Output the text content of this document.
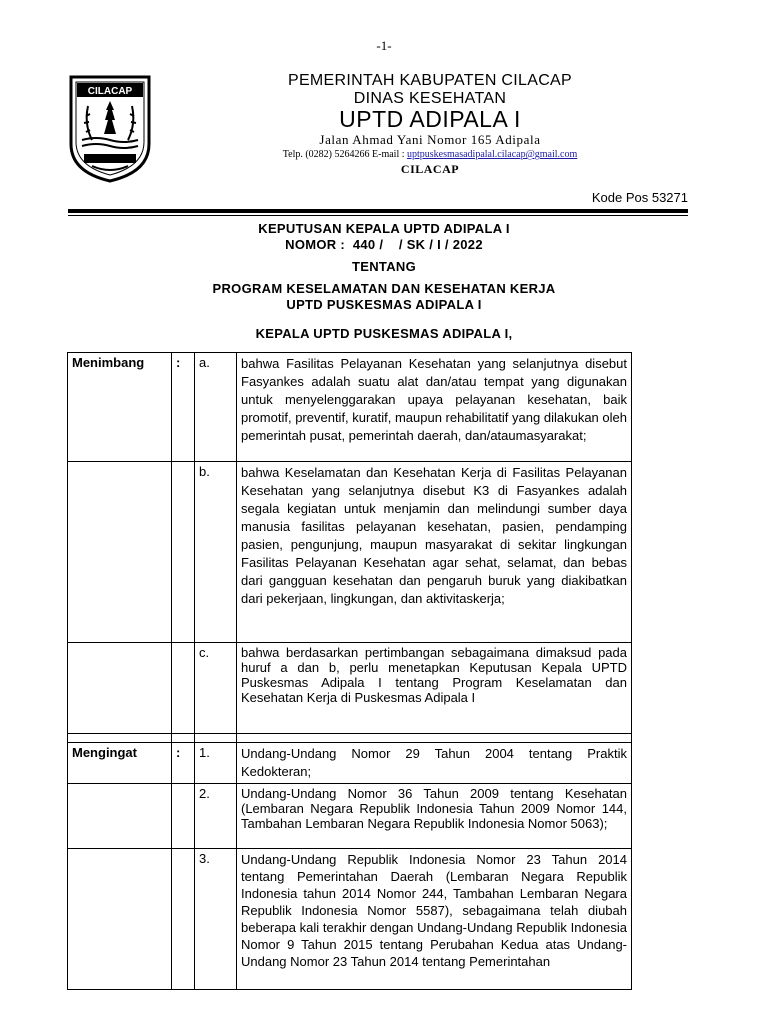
-1-
CILACAP
PEMERINTAH KABUPATEN CILACAP
DINAS KESEHATAN
UPTD ADIPALA I
Jalan Ahmad Yani Nomor 165 Adipala
Telp. (0282) 5264266 E-mail : uptpuskesmasadipalal.cilacap@gmail.com
CILACAP
Kode Pos 53271
KEPUTUSAN KEPALA UPTD ADIPALA I
NOMOR :  440 /    / SK / I / 2022
TENTANG
PROGRAM KESELAMATAN DAN KESEHATAN KERJA
UPTD PUSKESMAS ADIPALA I
KEPALA UPTD PUSKESMAS ADIPALA I,
Menimbang	:	a.	bahwa Fasilitas Pelayanan Kesehatan yang selanjutnya disebut Fasyankes adalah suatu alat dan/atau tempat yang digunakan untuk menyelenggarakan upaya pelayanan kesehatan, baik promotif, preventif, kuratif, maupun rehabilitatif yang dilakukan oleh pemerintah pusat, pemerintah daerah, dan/ataumasyarakat;
		b.	bahwa Keselamatan dan Kesehatan Kerja di Fasilitas Pelayanan Kesehatan yang selanjutnya disebut K3 di Fasyankes adalah segala kegiatan untuk menjamin dan melindungi sumber daya manusia fasilitas pelayanan kesehatan, pasien, pendamping pasien, pengunjung, maupun masyarakat di sekitar lingkungan Fasilitas Pelayanan Kesehatan agar sehat, selamat, dan bebas dari gangguan kesehatan dan pengaruh buruk yang diakibatkan dari pekerjaan, lingkungan, dan aktivitaskerja;
		c.	bahwa berdasarkan pertimbangan sebagaimana dimaksud pada huruf a dan b, perlu menetapkan Keputusan Kepala UPTD Puskesmas Adipala I tentang Program Keselamatan dan Kesehatan Kerja di Puskesmas Adipala I

Mengingat	:	1.	Undang-Undang Nomor 29 Tahun 2004 tentang Praktik Kedokteran;
		2.	Undang-Undang Nomor 36 Tahun 2009 tentang Kesehatan (Lembaran Negara Republik Indonesia Tahun 2009 Nomor 144, Tambahan Lembaran Negara Republik Indonesia Nomor 5063);
		3.	Undang-Undang Republik Indonesia Nomor 23 Tahun 2014 tentang Pemerintahan Daerah (Lembaran Negara Republik Indonesia tahun 2014 Nomor 244, Tambahan Lembaran Negara Republik Indonesia Nomor 5587), sebagaimana telah diubah beberapa kali terakhir dengan Undang-Undang Republik Indonesia Nomor 9 Tahun 2015 tentang Perubahan Kedua atas Undang-Undang Nomor 23 Tahun 2014 tentang Pemerintahan
